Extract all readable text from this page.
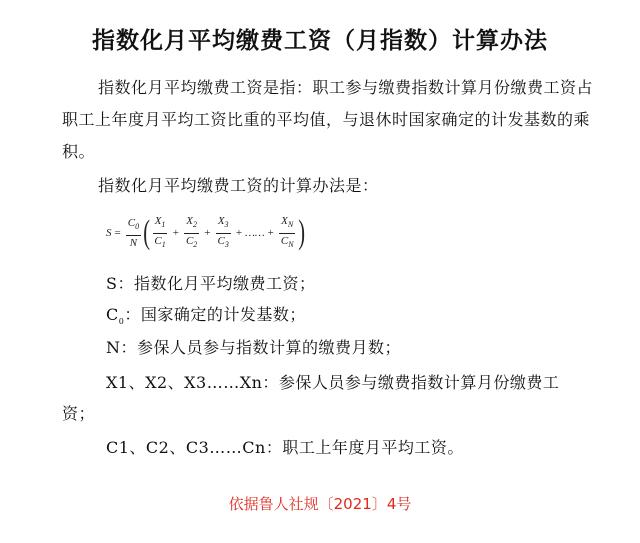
指数化月平均缴费工资（月指数）计算办法
指数化月平均缴费工资是指：职工参与缴费指数计算月份缴费工资占职工上年度月平均工资比重的平均值，与退休时国家确定的计发基数的乘积。
指数化月平均缴费工资的计算办法是：
$S = \frac{C_0}{N}$ ( $\frac{X_1}{C_1} + \frac{X_2}{C_2} + \frac{X_3}{C_3}$ + …… + $\frac{X_N}{C_N}$ )
S：指数化月平均缴费工资；
$C_0$：国家确定的计发基数；
N：参保人员参与指数计算的缴费月数；
X1、X2、X3……Xn：参保人员参与缴费指数计算月份缴费工
资；
C1、C2、C3……Cn：职工上年度月平均工资。
依据鲁人社规〔2021〕4号
